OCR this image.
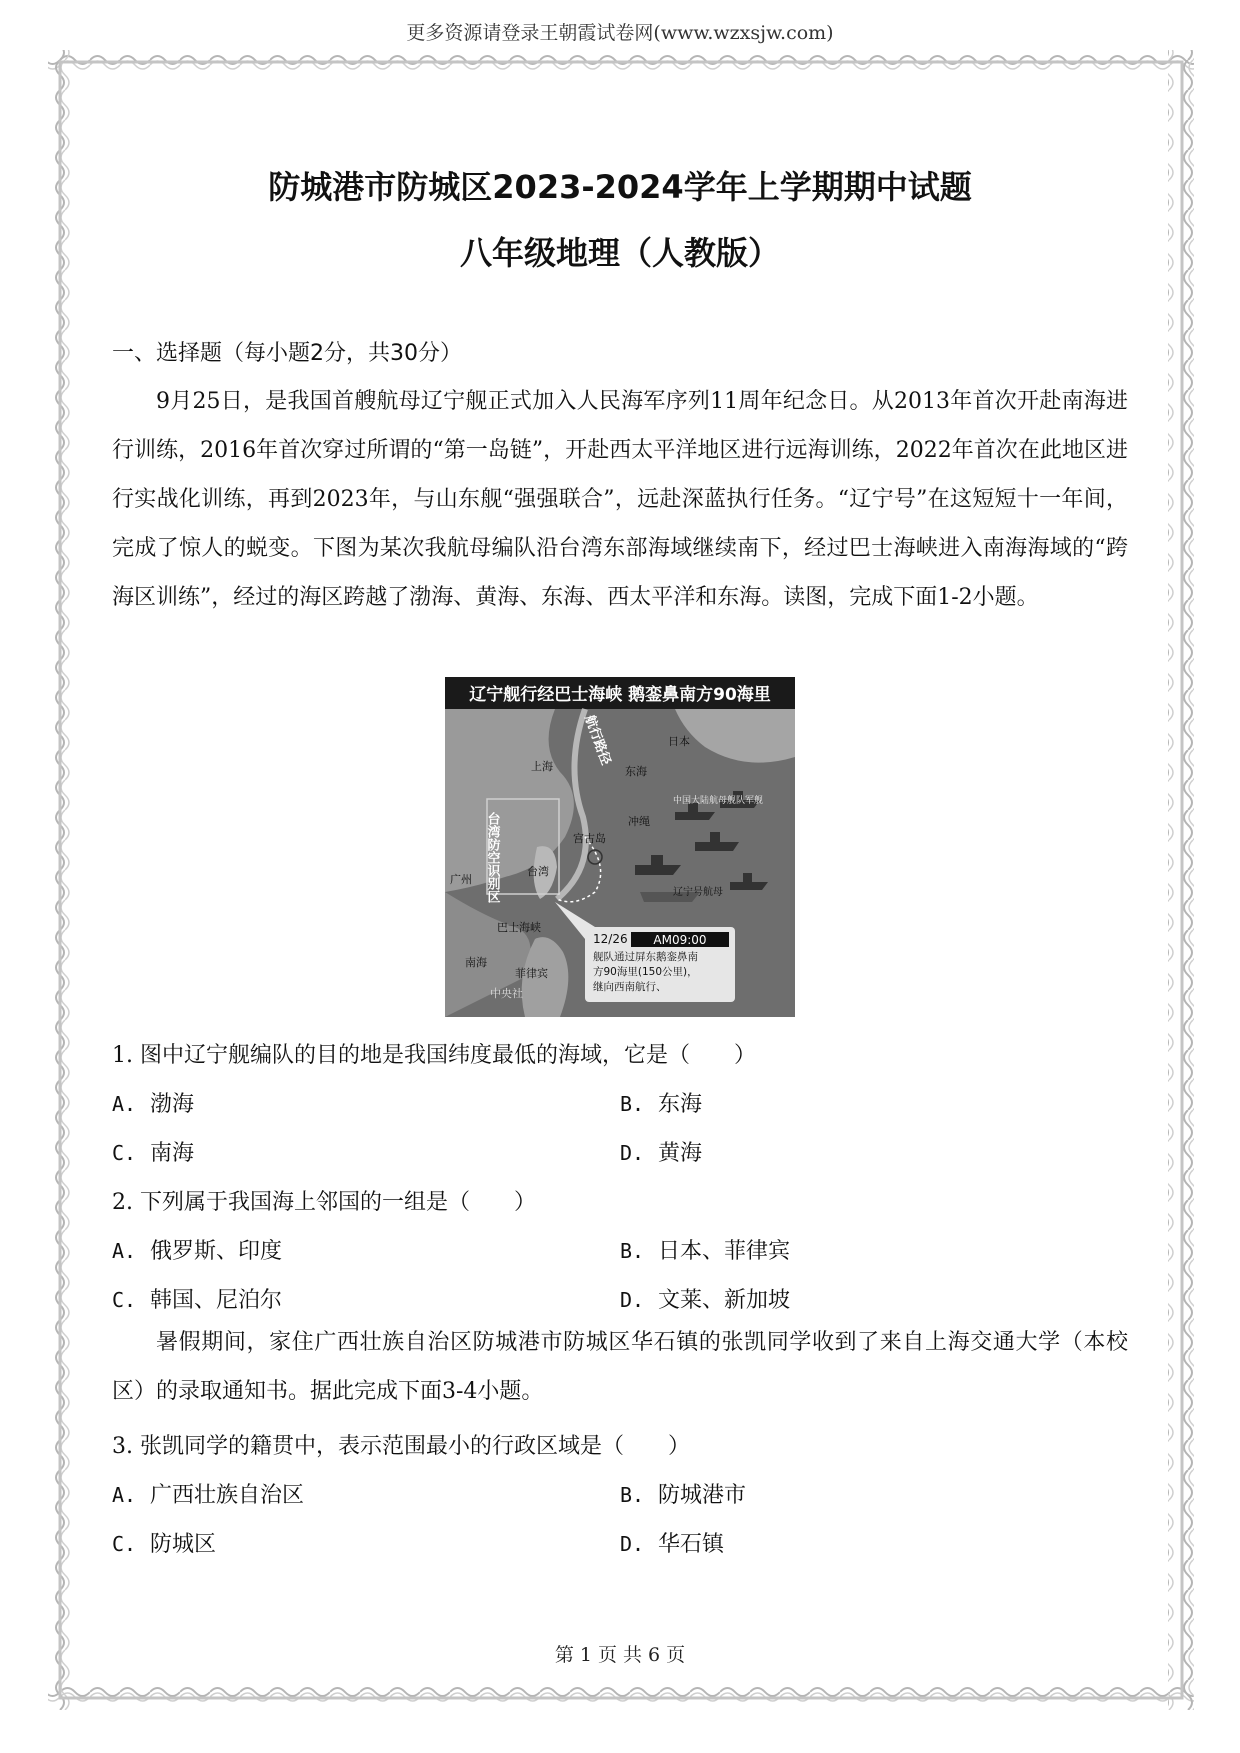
更多资源请登录王朝霞试卷网(www.wzxsjw.com)
防城港市防城区2023-2024学年上学期期中试题
八年级地理（人教版）
一、选择题（每小题2分，共30分）
9月25日，是我国首艘航母辽宁舰正式加入人民海军序列11周年纪念日。从2013年首次开赴南海进行训练，2016年首次穿过所谓的“第一岛链”，开赴西太平洋地区进行远海训练，2022年首次在此地区进行实战化训练，再到2023年，与山东舰“强强联合”，远赴深蓝执行任务。“辽宁号”在这短短十一年间，完成了惊人的蜕变。下图为某次我航母编队沿台湾东部海域继续南下，经过巴士海峡进入南海海域的“跨海区训练”，经过的海区跨越了渤海、黄海、东海、西太平洋和东海。读图，完成下面1-2小题。
辽宁舰行经巴士海峡 鹅銮鼻南方90海里
日本
上海	东海
中国大陆航母舰队军舰
冲绳
宫古岛
台湾
广州
辽宁号航母
巴士海峡
南海
菲律宾
中央社
航行路径
台湾防空识别区
12/26 AM09:00
舰队通过屏东鹅銮鼻南
方90海里(150公里)，
继向西南航行、
1. 图中辽宁舰编队的目的地是我国纬度最低的海域，它是（　　）
A. 渤海	B. 东海
C. 南海	D. 黄海
2. 下列属于我国海上邻国的一组是（　　）
A. 俄罗斯、印度	B. 日本、菲律宾
C. 韩国、尼泊尔	D. 文莱、新加坡
暑假期间，家住广西壮族自治区防城港市防城区华石镇的张凯同学收到了来自上海交通大学（本校区）的录取通知书。据此完成下面3-4小题。
3. 张凯同学的籍贯中，表示范围最小的行政区域是（　　）
A. 广西壮族自治区	B. 防城港市
C. 防城区	D. 华石镇
第 1 页 共 6 页
